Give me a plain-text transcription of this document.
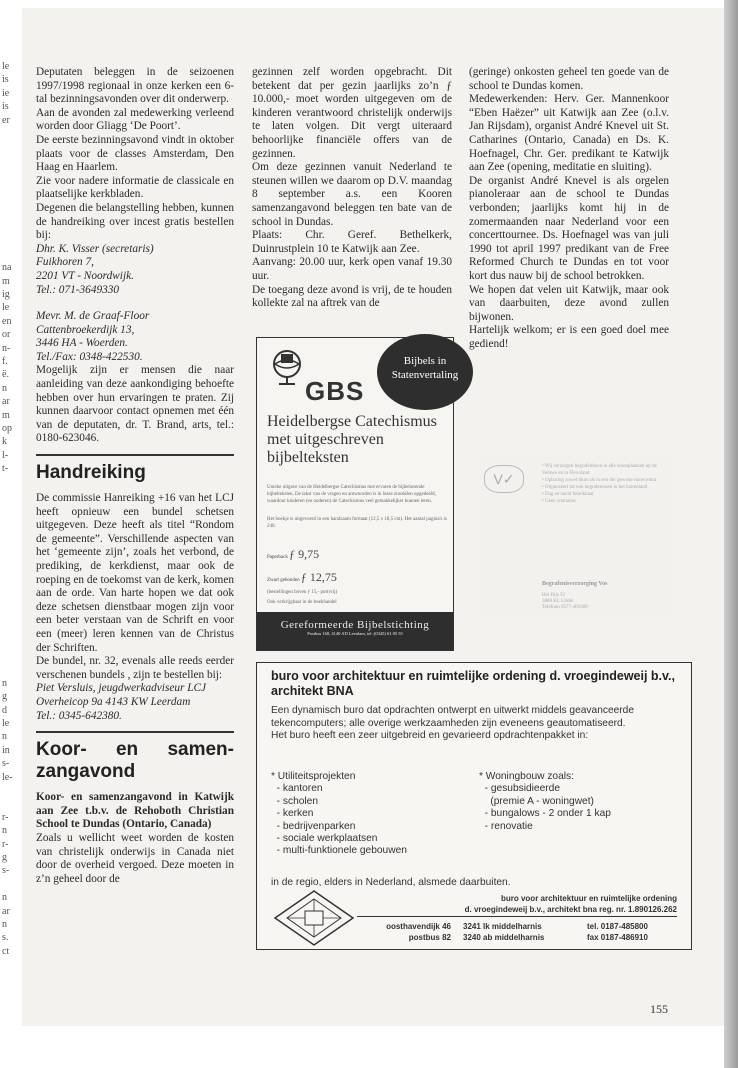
le
is
ie
is
er

na
m
ig
le
en
or
n-
f.
ë.
n
ar
m
op
k
l-
t-

n
g
d
le
n
in
s-
le-

r-
n
r-
g
s-

n
ar
n
s.
ct

Deputaten beleggen in de seizoenen 1997/1998 regionaal in onze kerken een 6-tal bezinningsavonden over dit onderwerp.

Aan de avonden zal medewerking verleend worden door Gliagg ‘De Poort’.

De eerste bezinningsavond vindt in oktober plaats voor de classes Amsterdam, Den Haag en Haarlem.

Zie voor nadere informatie de classicale en plaatselijke kerkbladen.

Degenen die belangstelling hebben, kunnen de handreiking over incest gratis bestellen bij:

Dhr. K. Visser (secretaris)

Fuikhoren 7,

2201 VT - Noordwijk.

Tel.: 071-3649330

Mevr. M. de Graaf-Floor

Cattenbroekerdijk 13,

3446 HA - Woerden.

Tel./Fax: 0348-422530.

Mogelijk zijn er mensen die naar aanleiding van deze aankondiging behoefte hebben over hun ervaringen te praten. Zij kunnen daarvoor contact opnemen met één van de deputaten, dr. T. Brand, arts, tel.: 0180-623046.

Handreiking

De commissie Hanreiking +16 van het LCJ heeft opnieuw een bundel schetsen uitgegeven. Deze heeft als titel “Rondom de gemeente”. Verschillende aspecten van het ‘gemeente zijn’, zoals het verbond, de prediking, de kerkdienst, maar ook de roeping en de toekomst van de kerk, komen aan de orde. Van harte hopen we dat ook deze schetsen dienstbaar mogen zijn voor een beter verstaan van de Schrift en voor een (meer) leren kennen van de Christus der Schriften.

De bundel, nr. 32, evenals alle reeds eerder verschenen bundels , zijn te bestellen bij:

Piet Versluis, jeugdwerkadviseur LCJ

Overheicop 9a 4143 KW Leerdam

Tel.: 0345-642380.

Koor- en samenzangavond

Koor- en samenzangavond in Katwijk aan Zee t.b.v. de Rehoboth Christian School te Dundas (Ontario, Canada)

Zoals u wellicht weet worden de kosten van christelijk onderwijs in Canada niet door de overheid vergoed. Deze moeten in z’n geheel door de

gezinnen zelf worden opgebracht. Dit betekent dat per gezin jaarlijks zo’n ƒ 10.000,- moet worden uitgegeven om de kinderen verantwoord christelijk onderwijs te laten volgen. Dit vergt uiteraard behoorlijke financiële offers van de gezinnen.

Om deze gezinnen vanuit Nederland te steunen willen we daarom op D.V. maandag 8 september a.s. een Kooren samenzangavond beleggen ten bate van de school in Dundas.

Plaats: Chr. Geref. Bethelkerk, Duinrustplein 10 te Katwijk aan Zee.

Aanvang: 20.00 uur, kerk open vanaf 19.30 uur.

De toegang deze avond is vrij, de te houden kollekte zal na aftrek van de

(geringe) onkosten geheel ten goede van de school te Dundas komen.

Medewerkenden: Herv. Ger. Mannenkoor “Eben Haëzer” uit Katwijk aan Zee (o.l.v. Jan Rijsdam), organist André Knevel uit St. Catharines (Ontario, Canada) en Ds. K. Hoefnagel, Chr. Ger. predikant te Katwijk aan Zee (opening, meditatie en sluiting).

De organist André Knevel is als orgelen pianoleraar aan de school te Dundas verbonden; jaarlijks komt hij in de zomermaanden naar Nederland voor een concerttournee. Ds. Hoefnagel was van juli 1990 tot april 1997 predikant van de Free Reformed Church te Dundas en tot voor kort dus nauw bij de school betrokken.

We hopen dat velen uit Katwijk, maar ook van daarbuiten, deze avond zullen bijwonen.

Hartelijk welkom; er is een goed doel mee gediend!

GBS
Bijbels in Statenvertaling
Heidelbergse Catechismus met uitgeschreven bijbelteksten
Unieke uitgave van de Heidelbergse Catechismus met ervaren de bijbehorende bijbelteksten. De tekst van de vragen en antwoorden is in losse zinsdelen opgedeeld, waardoor kinderen (en ouderen) de Catechismus veel gemakkelijker kunnen leren.
Het boekje is uitgevoerd in een handzaam formaat (12,5 x 18,5 cm). Het aantal pagina's is 240.
Paperback ƒ 9,75
Zwart gebonden ƒ 12,75
(bestellingen boven ƒ 15,- portvrij)
Ook verkrijgbaar in de boekhandel
Gereformeerde Bijbelstichting
Postbus 168, 4140 AD Leerdam, tel.:(0345) 61 05 55
V✓
• Wij verzorgen begrafenissen in alle woonplaatsen op de Veluwe en in Flevoland
• Opbaring zowel thuis als in een der gewone rouwcentra
• Organiseert tot ook begrafenissen in het buitenland
• Dag en nacht bereikbaar
• Geen crematies
Begrafenisverzorging Vos
Het Dijs 32
3888 KL Uddel
Telefoon 0577-401689
buro voor architektuur en ruimtelijke ordening d. vroegindeweij b.v., architekt BNA
Een dynamisch buro dat opdrachten ontwerpt en uitwerkt middels geavanceerde tekencomputers; alle overige werkzaamheden zijn eveneens geautomatiseerd.
Het buro heeft een zeer uitgebreid en gevarieerd opdrachtenpakket in:
* Utiliteitsprojekten
- kantoren
- scholen
- kerken
- bedrijvenparken
- sociale werkplaatsen
- multi-funktionele gebouwen
* Woningbouw zoals:
- gesubsidieerde
(premie A - woningwet)
- bungalows - 2 onder 1 kap
- renovatie
in de regio, elders in Nederland, alsmede daarbuiten.
buro voor architektuur en ruimtelijke ordening
d. vroegindeweij b.v., architekt bna reg. nr. 1.890126.262
oosthavendijk 46 3241 lk middelharnis	tel. 0187-485800
postbus 82 3240 ab middelharnis	fax 0187-486910
155
